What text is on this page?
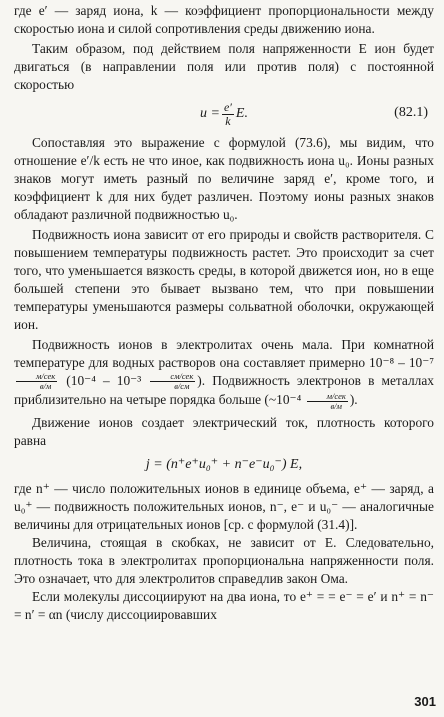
где e′ — заряд иона, k — коэффициент пропорциональности между скоростью иона и силой сопротивления среды движению иона.

Таким образом, под действием поля напряженности E ион будет двигаться (в направлении поля или против поля) с постоянной скоростью

$u = \frac{e'}{k} E$.	(82.1)

Сопоставляя это выражение с формулой (73.6), мы видим, что отношение e′/k есть не что иное, как подвижность иона u₀. Ионы разных знаков могут иметь разный по величине заряд e′, кроме того, и коэффициент k для них будет различен. Поэтому ионы разных знаков обладают различной подвижностью u₀.

Подвижность иона зависит от его природы и свойств растворителя. С повышением температуры подвижность растет. Это происходит за счет того, что уменьшается вязкость среды, в которой движется ион, но в еще большей степени это бывает вызвано тем, что при повышении температуры уменьшаются размеры сольватной оболочки, окружающей ион.

Подвижность ионов в электролитах очень мала. При комнатной температуре для водных растворов она составляет примерно 10⁻⁸ – 10⁻⁷
$\frac{\text{м/сек}}{в/м} (10^{-4} - 10^{-3} \frac{\text{см/сек}}{в/см}$ ). Подвижность электронов в металлах приблизительно на четыре порядка больше (~10⁻⁴ $\frac{\text{м/сек}}{в/м}$ ).

Движение ионов создает электрический ток, плотность которого равна

j = (n⁺e⁺u₀⁺ + n⁻e⁻u₀⁻) E,

где n⁺ — число положительных ионов в единице объема, e⁺ — заряд, а u₀⁺ — подвижность положительных ионов, n⁻, e⁻ и u₀⁻ — аналогичные величины для отрицательных ионов [ср. с формулой (31.4)].

Величина, стоящая в скобках, не зависит от E. Следовательно, плотность тока в электролитах пропорциональна напряженности поля. Это означает, что для электролитов справедлив закон Ома.

Если молекулы диссоциируют на два иона, то e⁺ = = e⁻ = e′ и n⁺ = n⁻ = n′ = αn (числу диссоциировавших

301
